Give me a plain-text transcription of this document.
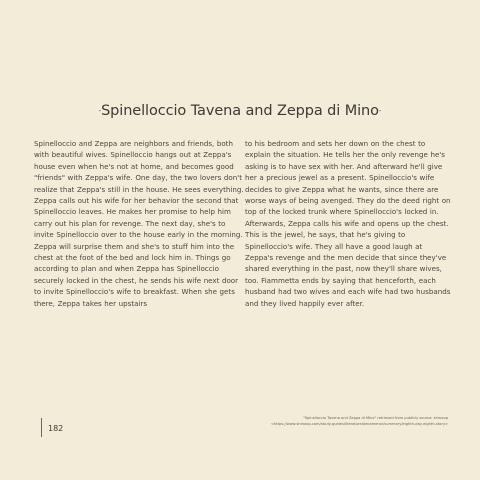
-Spinelloccio Tavena and Zeppa di Mino-
Spinelloccio and Zeppa are neighbors and friends, both with beautiful wives. Spinelloccio hangs out at Zeppa's house even when he's not at home, and becomes good "friends" with Zeppa's wife. One day, the two lovers don't realize that Zeppa's still in the house. He sees everything. Zeppa calls out his wife for her behavior the second that Spinelloccio leaves. He makes her promise to help him carry out his plan for revenge. The next day, she's to invite Spinelloccio over to the house early in the morning. Zeppa will surprise them and she's to stuff him into the chest at the foot of the bed and lock him in. Things go according to plan and when Zeppa has Spinelloccio securely locked in the chest, he sends his wife next door to invite Spinelloccio's wife to breakfast. When she gets there, Zeppa takes her upstairs
to his bedroom and sets her down on the chest to explain the situation. He tells her the only revenge he's asking is to have sex with her. And afterward he'll give her a precious jewel as a present. Spinelloccio's wife decides to give Zeppa what he wants, since there are worse ways of being avenged. They do the deed right on top of the locked trunk where Spinelloccio's locked in. Afterwards, Zeppa calls his wife and opens up the chest. This is the jewel, he says, that he's giving to Spinelloccio's wife. They all have a good laugh at Zeppa's revenge and the men decide that since they've shared everything in the past, now they'll share wives, too. Fiammetta ends by saying that henceforth, each husband had two wives and each wife had two husbands and they lived happily ever after.
"Spinelloccio Tavena and Zeppa di Mino" retrieved from publicly source: shmoop
<https://www.shmoop.com/study-guides/literature/decameron/summary/eighth-day-eighth-story>
182
